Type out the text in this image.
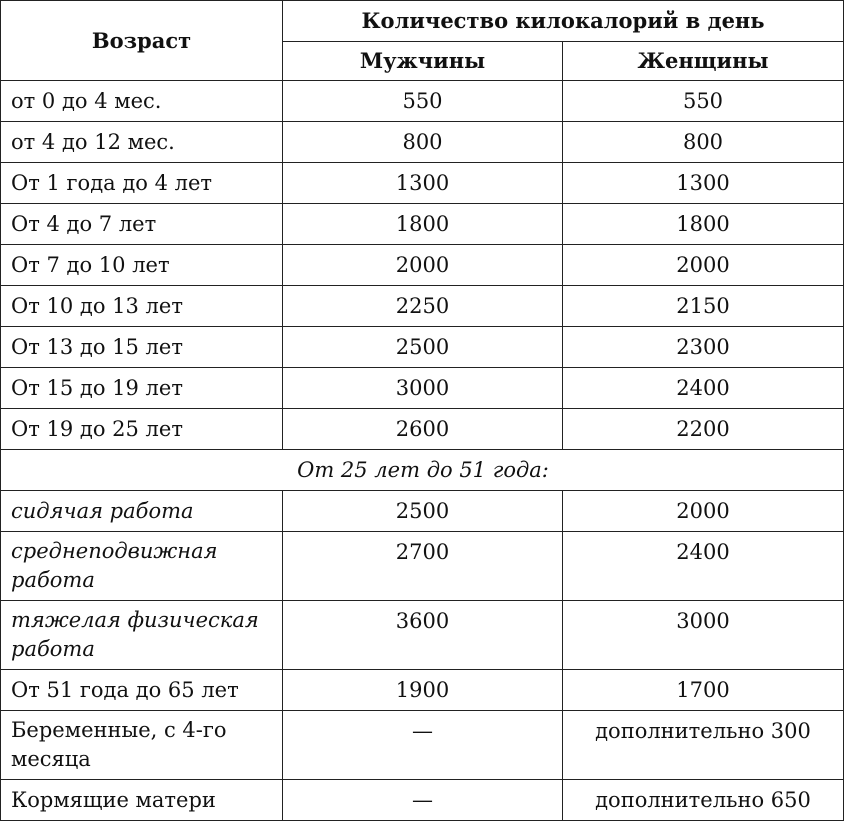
Возраст	Количество килокалорий в день	
	Мужчины	Женщины
от 0 до 4 мес.	550	550
от 4 до 12 мес.	800	800
От 1 года до 4 лет	1300	1300
От 4 до 7 лет	1800	1800
От 7 до 10 лет	2000	2000
От 10 до 13 лет	2250	2150
От 13 до 15 лет	2500	2300
От 15 до 19 лет	3000	2400
От 19 до 25 лет	2600	2200
От 25 лет до 51 года:		
сидячая работа	2500	2000
среднеподвижная работа	2700	2400
тяжелая физическая работа	3600	3000
От 51 года до 65 лет	1900	1700
Беременные, с 4-го месяца	—	дополнительно 300
Кормящие матери	—	дополнительно 650
